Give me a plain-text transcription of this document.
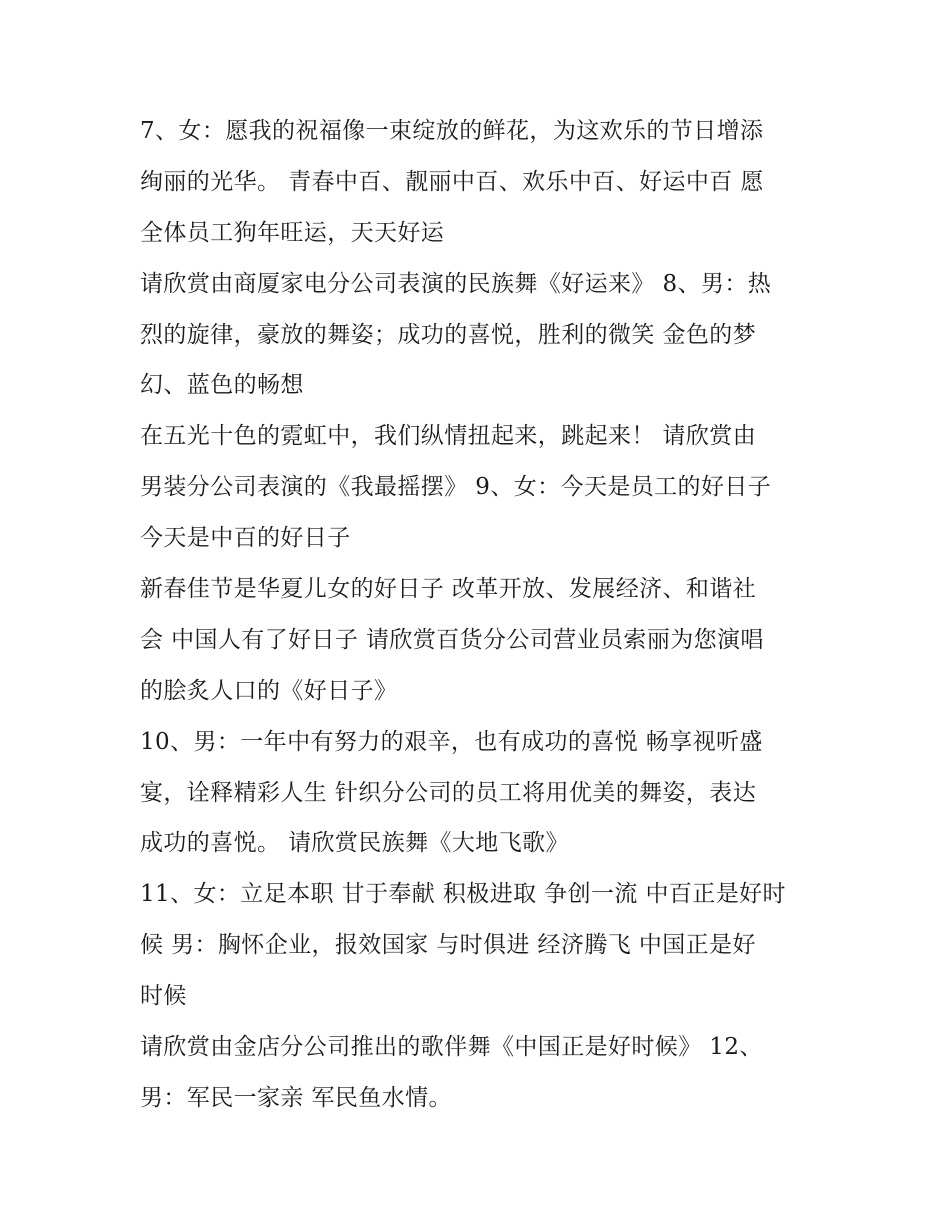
7、女：愿我的祝福像一束绽放的鲜花，为这欢乐的节日增添
绚丽的光华。 青春中百、靓丽中百、欢乐中百、好运中百 愿
全体员工狗年旺运，天天好运
请欣赏由商厦家电分公司表演的民族舞《好运来》 8、男：热
烈的旋律，豪放的舞姿；成功的喜悦，胜利的微笑 金色的梦
幻、蓝色的畅想
在五光十色的霓虹中，我们纵情扭起来，跳起来！ 请欣赏由
男装分公司表演的《我最摇摆》 9、女：今天是员工的好日子
今天是中百的好日子
新春佳节是华夏儿女的好日子 改革开放、发展经济、和谐社
会 中国人有了好日子 请欣赏百货分公司营业员索丽为您演唱
的脍炙人口的《好日子》
10、男：一年中有努力的艰辛，也有成功的喜悦 畅享视听盛
宴，诠释精彩人生 针织分公司的员工将用优美的舞姿，表达
成功的喜悦。 请欣赏民族舞《大地飞歌》
11、女：立足本职 甘于奉献 积极进取 争创一流 中百正是好时
候 男：胸怀企业，报效国家 与时俱进 经济腾飞 中国正是好
时候
请欣赏由金店分公司推出的歌伴舞《中国正是好时候》 12、
男：军民一家亲 军民鱼水情。
